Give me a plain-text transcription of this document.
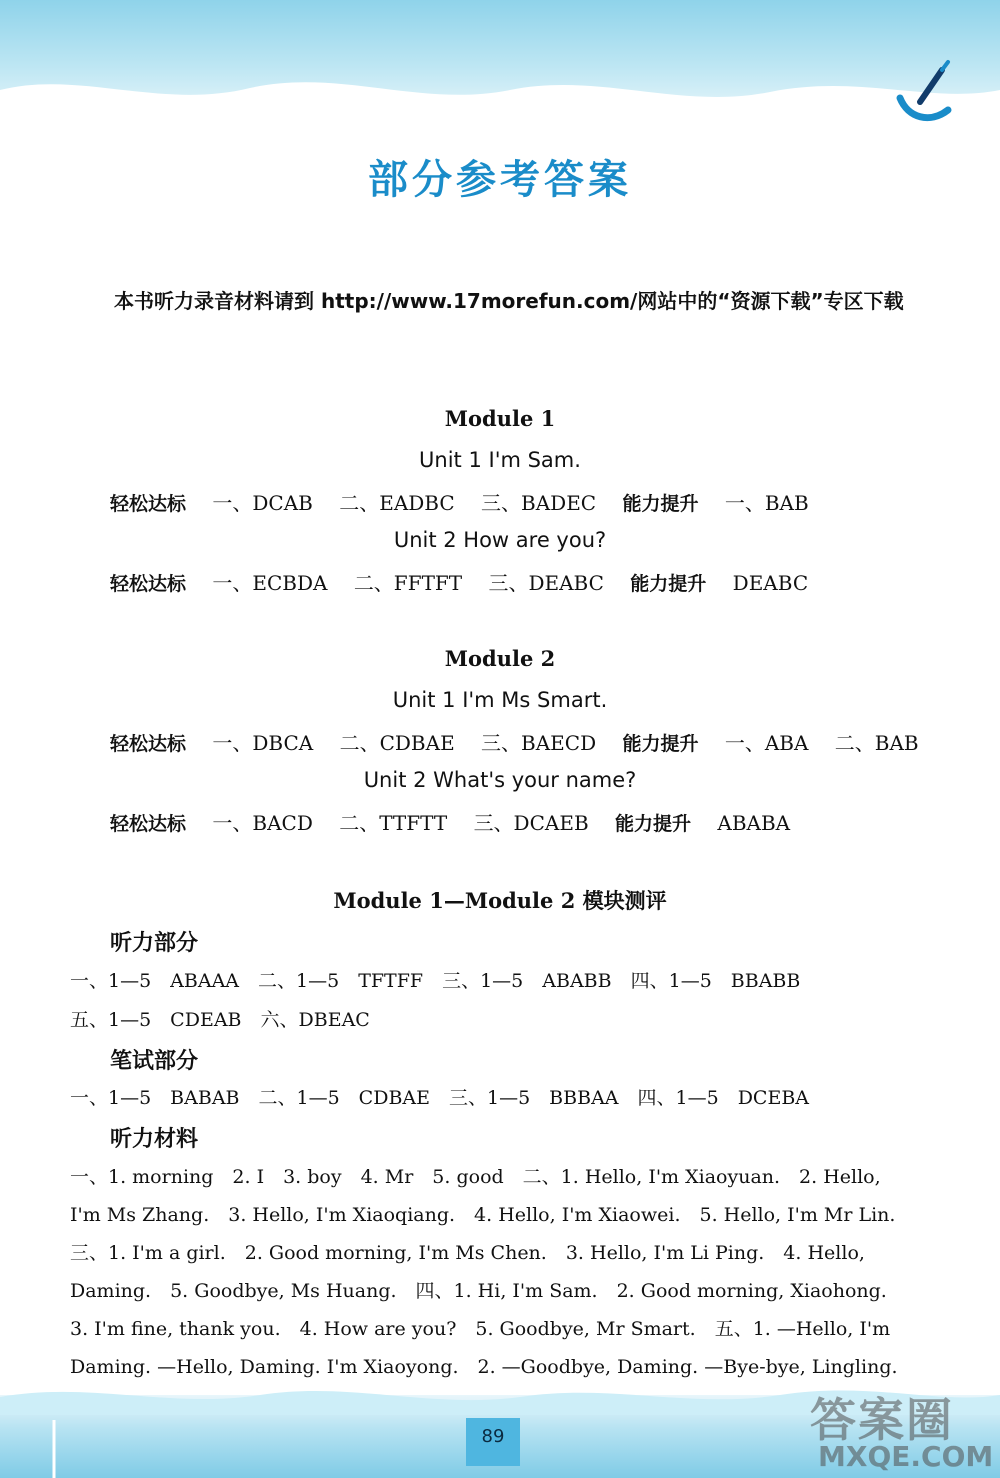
89	答案圈
MXQE.COM
部分参考答案
本书听力录音材料请到 http://www.17morefun.com/网站中的“资源下载”专区下载
Module 1
Unit 1 I'm Sam.
轻松达标 一、DCAB 二、EADBC 三、BADEC 能力提升 一、BAB
Unit 2 How are you?
轻松达标 一、ECBDA 二、FFTFT 三、DEABC 能力提升 DEABC
Module 2
Unit 1 I'm Ms Smart.
轻松达标 一、DBCA 二、CDBAE 三、BAECD 能力提升 一、ABA 二、BAB
Unit 2 What's your name?
轻松达标 一、BACD 二、TTFTT 三、DCAEB 能力提升 ABABA
Module 1—Module 2 模块测评
听力部分
一、1—5　ABAAA　二、1—5　TFTFF　三、1—5　ABABB　四、1—5　BBABB
五、1—5　CDEAB　六、DBEAC
笔试部分
一、1—5　BABAB　二、1—5　CDBAE　三、1—5　BBBAA　四、1—5　DCEBA
听力材料
一、1. morning　2. I　3. boy　4. Mr　5. good　二、1. Hello, I'm Xiaoyuan.　2. Hello,
I'm Ms Zhang.　3. Hello, I'm Xiaoqiang.　4. Hello, I'm Xiaowei.　5. Hello, I'm Mr Lin.
三、1. I'm a girl.　2. Good morning, I'm Ms Chen.　3. Hello, I'm Li Ping.　4. Hello,
Daming.　5. Goodbye, Ms Huang.　四、1. Hi, I'm Sam.　2. Good morning, Xiaohong.
3. I'm fine, thank you.　4. How are you?　5. Goodbye, Mr Smart.　五、1. —Hello, I'm
Daming. —Hello, Daming. I'm Xiaoyong.　2. —Goodbye, Daming. —Bye-bye, Lingling.
